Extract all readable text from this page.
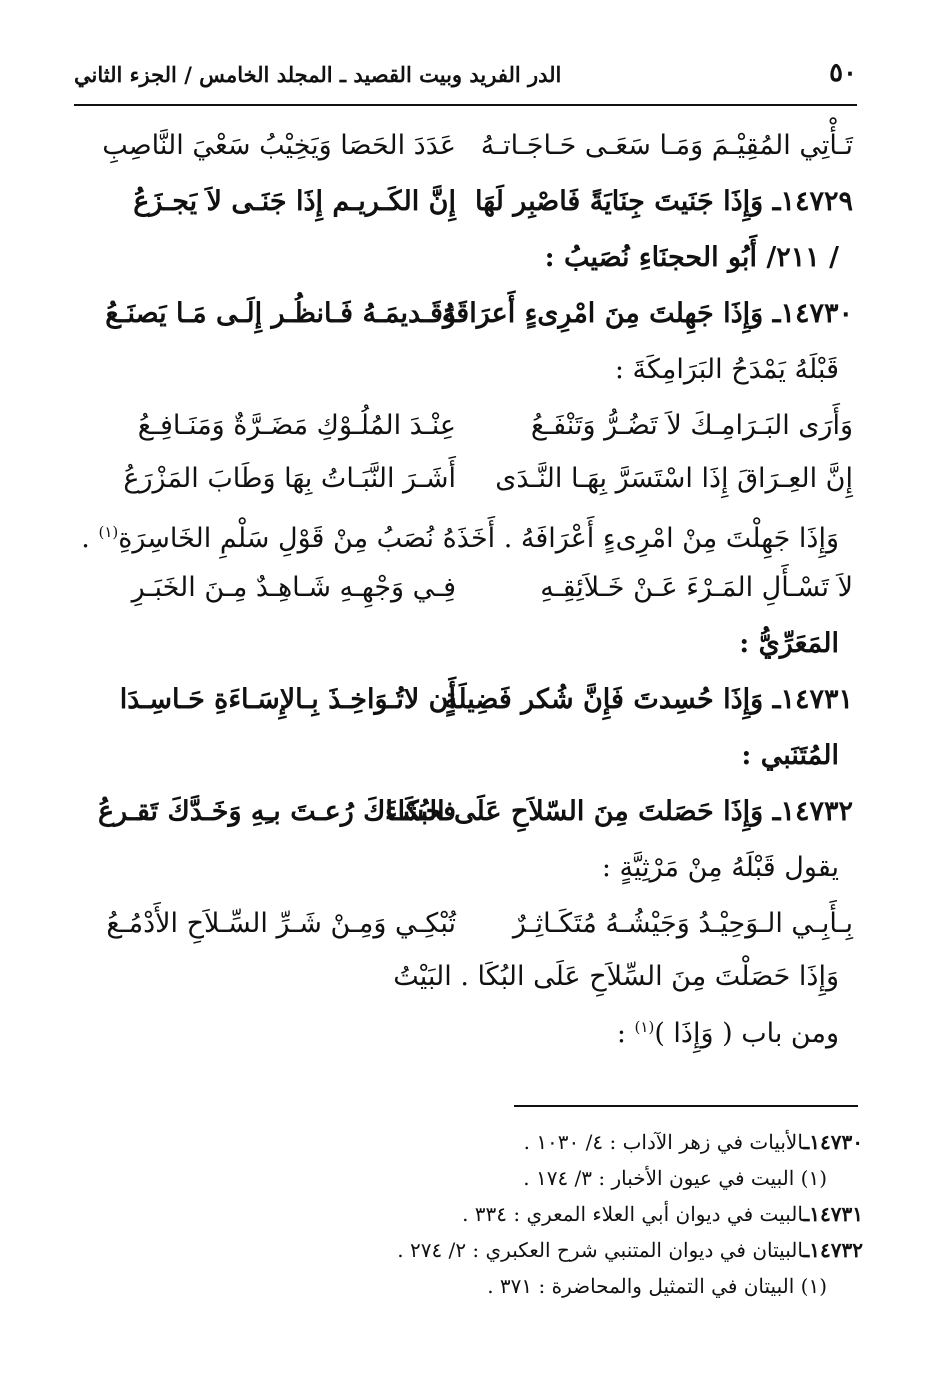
٥٠
الدر الفريد وبيت القصيد ـ المجلد الخامس / الجزء الثاني
تَـأْتِي المُقِيْـمَ وَمَـا سَعَـى حَـاجَـاتـهُ
عَدَدَ الحَصَا وَيَخِيْبُ سَعْيَ النَّاصِبِ
١٤٧٢٩ـ وَإِذَا جَنَيتَ جِنَايَةً فَاصْبِر لَهَا
إِنَّ الكَـريـم إِذَا جَنَـى لاَ يَجـزَعُ
/ ٢١١/ أَبُو الحجنَاءِ نُصَيبُ :
١٤٧٣٠ـ وَإِذَا جَهِلتَ مِنَ امْرِىءٍ أَعرَاقَهُ
وَقَـديمَـهُ فَـانظُـر إِلَـى مَـا يَصنَـعُ
قَبْلَهُ يَمْدَحُ البَرَامِكَةَ :
وَأَرَى البَـرَامِـكَ لاَ تَضُـرُّ وَتَنْفَـعُ
عِنْـدَ المُلُـوْكِ مَضَـرَّةٌ وَمَنَـافِـعُ
إِنَّ العِـرَاقَ إِذَا اسْتَسَرَّ بِهَـا النَّـدَى
أَشَـرَ النَّبَـاتُ بِهَا وَطَابَ المَزْرَعُ
وَإِذَا جَهِلْتَ مِنْ امْرِىءٍ أَعْرَافَهُ . أَخَذَهُ نُصَبُ مِنْ قَوْلِ سَلْمِ الخَاسِرَةِ$^{(١)}$ .
لاَ تَسْـأَلِ المَـرْءَ عَـنْ خَـلاَئِقِـهِ
فِـي وَجْهِـهِ شَـاهِـدٌ مِـنَ الخَبَـرِ
المَعَرِّيُّ :
١٤٧٣١ـ وَإِذَا حُسِدتَ فَإِنَّ شُكر فَضِيلَةٍ
أَن لاتُـوَاخِـذَ بِـالإِسَـاءَةِ حَـاسِـدَا
المُتَنَبي :
١٤٧٣٢ـ وَإِذَا حَصَلتَ مِنَ السّلاَحِ عَلَى البُكَاءَ
فحشَـاكَ رُعـتَ بـِهِ وَخَـدَّكَ تَقـرعُ
يقول قَبْلَهُ مِنْ مَرْثِيَّةٍ :
بِـأَبِـي الـوَحِيْـدُ وَجَيْشُـهُ مُتَكَـاثِـرٌ
تُبْكِـي وَمِـنْ شَـرِّ السِّـلاَحِ الأَدْمُـعُ
وَإِذَا حَصَلْتَ مِنَ السِّلاَحِ عَلَى البُكَا . البَيْتُ
ومن باب ( وَإِذَا )$^{(١)}$ :
١٤٧٣٠ـالأبيات في زهر الآداب : ٤/ ١٠٣٠ .
(١) البيت في عيون الأخبار : ٣/ ١٧٤ .
١٤٧٣١ـالبيت في ديوان أبي العلاء المعري : ٣٣٤ .
١٤٧٣٢ـالبيتان في ديوان المتنبي شرح العكبري : ٢/ ٢٧٤ .
(١) البيتان في التمثيل والمحاضرة : ٣٧١ .
